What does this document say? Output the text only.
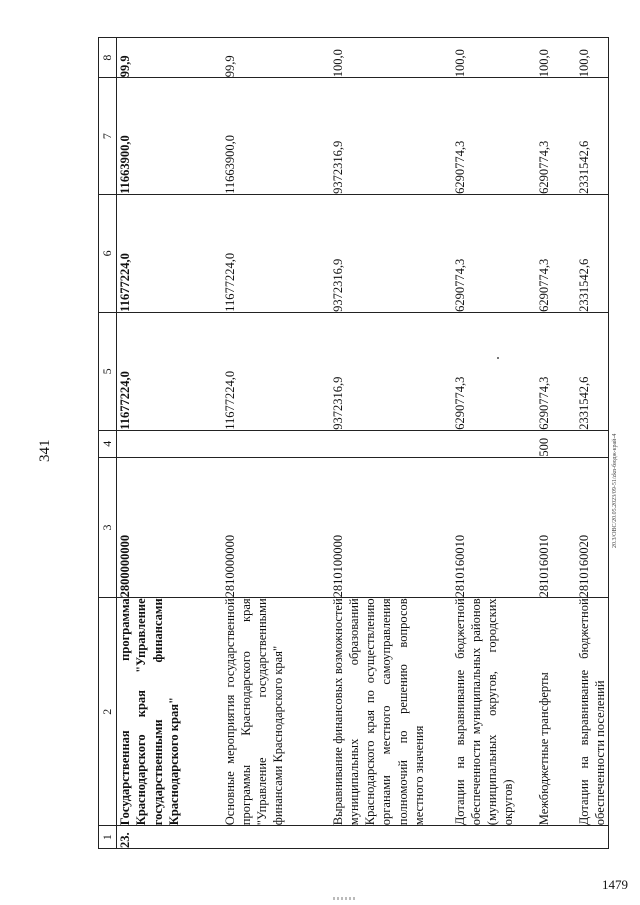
341	20.3/OBC/20.05.2023/09-51/zkn-бюдж-край-4
1479
1	2	3	4	5	6	7	8
23.	Государственная программа Краснодарского края "Управление государственными финансами Краснодарского края"	2800000000		11677224,0	11677224,0	11663900,0	99,9
	Основные мероприятия государственной программы Краснодарского края "Управление государственными финансами Краснодарского края"	2810000000		11677224,0	11677224,0	11663900,0	99,9
	Выравнивание финансовых возможностей муниципальных образований Краснодарского края по осуществлению органами местного самоуправления полномочий по решению вопросов местного значения	2810100000		9372316,9	9372316,9	9372316,9	100,0
	Дотации на выравнивание бюджетной обеспеченности муниципальных районов (муниципальных округов, городских округов)	2810160010		6290774,3	6290774,3	6290774,3	100,0
	Межбюджетные трансферты	2810160010	500	6290774,3	6290774,3	6290774,3	100,0
	Дотации на выравнивание бюджетной обеспеченности поселений	2810160020		2331542,6	2331542,6	2331542,6	100,0
